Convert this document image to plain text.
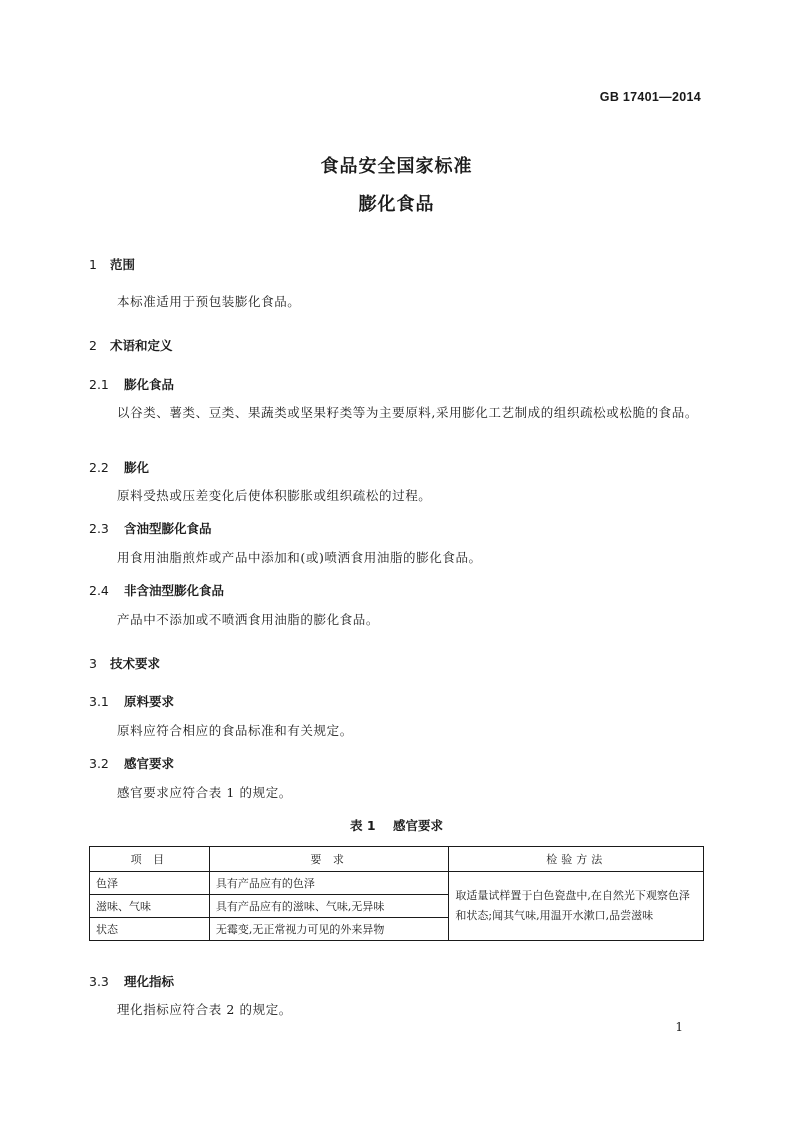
GB 17401—2014
食品安全国家标准
膨化食品
1 范围
本标准适用于预包装膨化食品。
2 术语和定义
2.1 膨化食品
以谷类、薯类、豆类、果蔬类或坚果籽类等为主要原料,采用膨化工艺制成的组织疏松或松脆的食品。
2.2 膨化
原料受热或压差变化后使体积膨胀或组织疏松的过程。
2.3 含油型膨化食品
用食用油脂煎炸或产品中添加和(或)喷洒食用油脂的膨化食品。
2.4 非含油型膨化食品
产品中不添加或不喷洒食用油脂的膨化食品。
3 技术要求
3.1 原料要求
原料应符合相应的食品标准和有关规定。
3.2 感官要求
感官要求应符合表 1 的规定。
表 1    感官要求
项 目	要 求	检验方法
色泽	具有产品应有的色泽	取适量试样置于白色瓷盘中,在自然光下观察色泽和状态;闻其气味,用温开水漱口,品尝滋味
滋味、气味	具有产品应有的滋味、气味,无异味	
状态	无霉变,无正常视力可见的外来异物	
3.3 理化指标
理化指标应符合表 2 的规定。
1
